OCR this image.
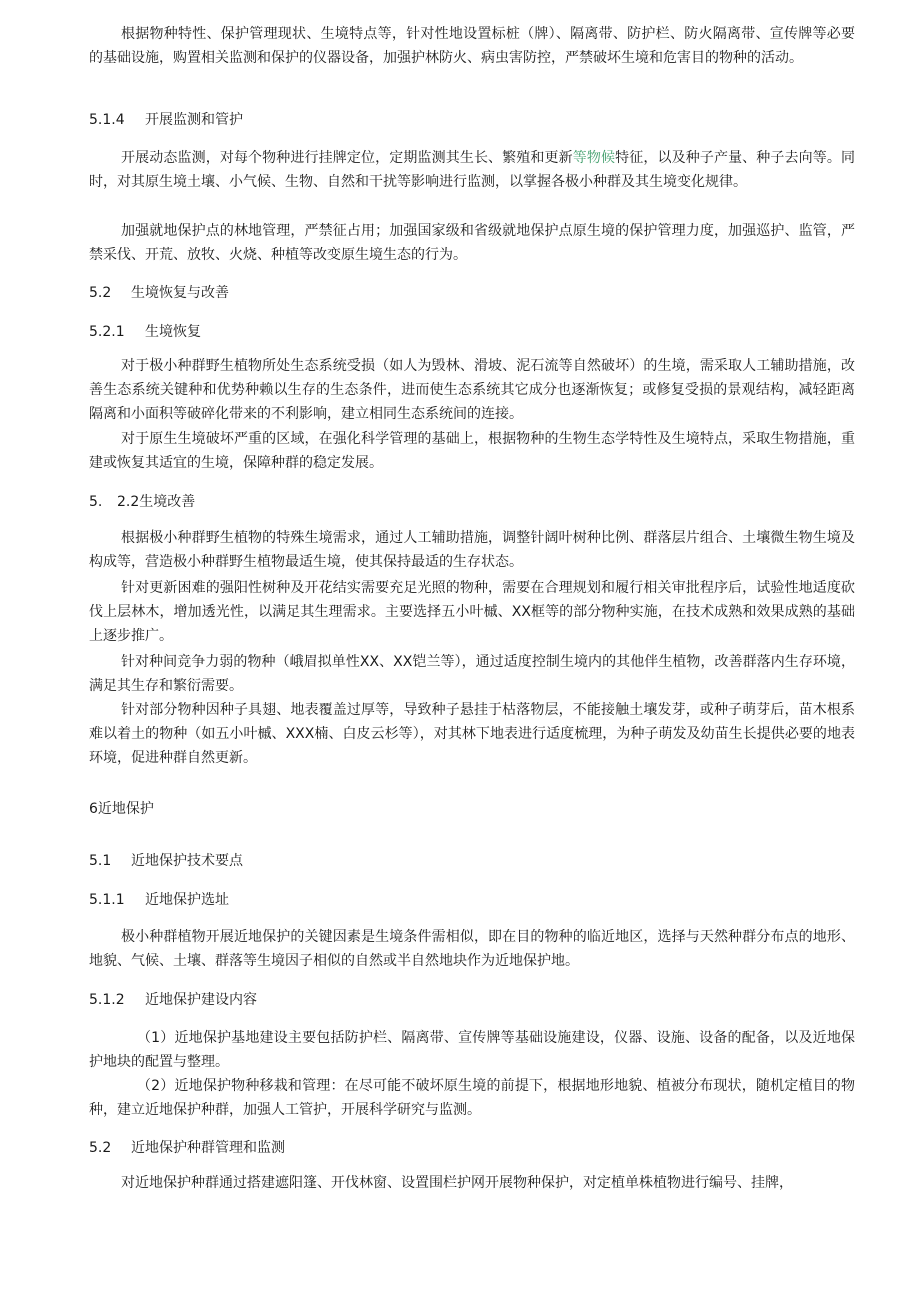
根据物种特性、保护管理现状、生境特点等，针对性地设置标桩（牌）、隔离带、防护栏、防火隔离带、宣传牌等必要的基础设施，购置相关监测和保护的仪器设备，加强护林防火、病虫害防控，严禁破坏生境和危害目的物种的活动。

5.1.4 开展监测和管护

开展动态监测，对每个物种进行挂牌定位，定期监测其生长、繁殖和更新等物候特征，以及种子产量、种子去向等。同时，对其原生境土壤、小气候、生物、自然和干扰等影响进行监测，以掌握各极小种群及其生境变化规律。

加强就地保护点的林地管理，严禁征占用；加强国家级和省级就地保护点原生境的保护管理力度，加强巡护、监管，严禁采伐、开荒、放牧、火烧、种植等改变原生境生态的行为。

5.2 生境恢复与改善
5.2.1 生境恢复

对于极小种群野生植物所处生态系统受损（如人为毁林、滑坡、泥石流等自然破坏）的生境，需采取人工辅助措施，改善生态系统关键种和优势种赖以生存的生态条件，进而使生态系统其它成分也逐渐恢复；或修复受损的景观结构，减轻距离隔离和小面积等破碎化带来的不利影响，建立相同生态系统间的连接。

对于原生生境破坏严重的区域，在强化科学管理的基础上，根据物种的生物生态学特性及生境特点，采取生物措施，重建或恢复其适宜的生境，保障种群的稳定发展。

5. 2.2生境改善

根据极小种群野生植物的特殊生境需求，通过人工辅助措施，调整针阔叶树种比例、群落层片组合、土壤微生物生境及构成等，营造极小种群野生植物最适生境，使其保持最适的生存状态。

针对更新困难的强阳性树种及开花结实需要充足光照的物种，需要在合理规划和履行相关审批程序后，试验性地适度砍伐上层林木，增加透光性，以满足其生理需求。主要选择五小叶槭、XX框等的部分物种实施，在技术成熟和效果成熟的基础上逐步推广。

针对种间竞争力弱的物种（峨眉拟单性XX、XX铠兰等），通过适度控制生境内的其他伴生植物，改善群落内生存环境，满足其生存和繁衍需要。

针对部分物种因种子具翅、地表覆盖过厚等，导致种子悬挂于枯落物层，不能接触土壤发芽，或种子萌芽后，苗木根系难以着土的物种（如五小叶槭、XXX楠、白皮云杉等），对其林下地表进行适度梳理，为种子萌发及幼苗生长提供必要的地表环境，促进种群自然更新。

6近地保护
5.1 近地保护技术要点
5.1.1 近地保护选址

极小种群植物开展近地保护的关键因素是生境条件需相似，即在目的物种的临近地区，选择与天然种群分布点的地形、地貌、气候、土壤、群落等生境因子相似的自然或半自然地块作为近地保护地。

5.1.2 近地保护建设内容

（1）近地保护基地建设主要包括防护栏、隔离带、宣传牌等基础设施建设，仪器、设施、设备的配备，以及近地保护地块的配置与整理。

（2）近地保护物种移栽和管理：在尽可能不破坏原生境的前提下，根据地形地貌、植被分布现状，随机定植目的物种，建立近地保护种群，加强人工管护，开展科学研究与监测。

5.2 近地保护种群管理和监测

对近地保护种群通过搭建遮阳篷、开伐林窗、设置围栏护网开展物种保护，对定植单株植物进行编号、挂牌，
